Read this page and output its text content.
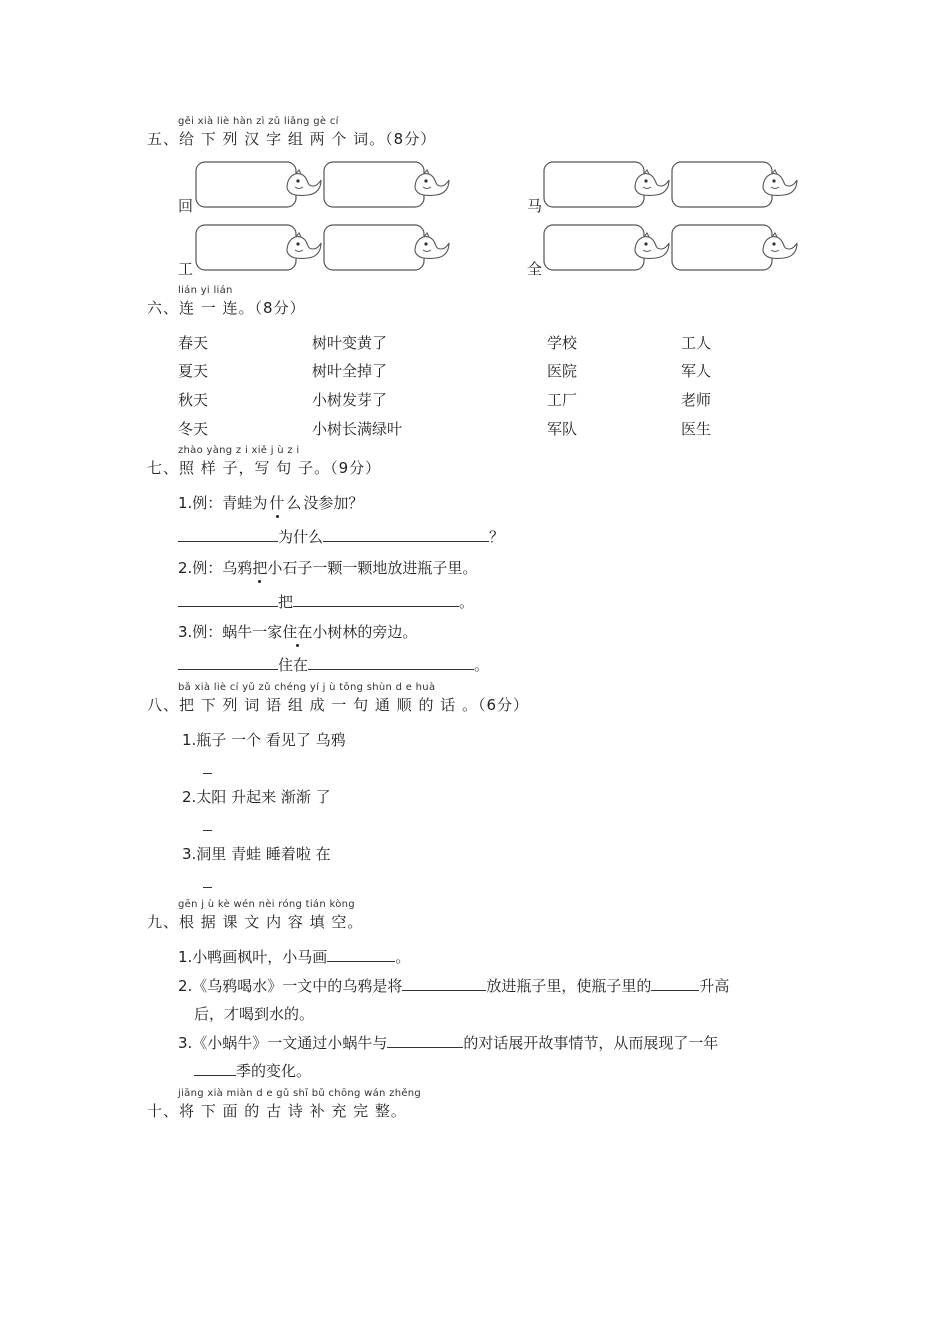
gěi xià liè hàn zì zǔ liǎng gè cí
五、给 下 列 汉 字 组 两 个 词。（8分）
回	马
工	全
lián yi lián
六、连 一 连。（8分）
春天
夏天
秋天
冬天
树叶变黄了
树叶全掉了
小树发芽了
小树长满绿叶
学校
医院
工厂
军队
工人
军人
老师
医生
zhào yàng z i xiě j ù z i
七、照 样 子，写 句 子。（9分）
1.例：青蛙为什么没参加？
为什么	？
2.例：乌鸦把小石子一颗一颗地放进瓶子里。
把	。
3.例：蜗牛一家住在小树林的旁边。
住在	。
bǎ xià liè cí yǔ zǔ chéng yí j ù tōng shùn d e huà
八、把 下 列 词 语 组 成 一 句 通 顺 的 话 。（6分）
1.瓶子 一个 看见了 乌鸦
2.太阳 升起来 渐渐 了
3.洞里 青蛙 睡着啦 在
gēn j ù kè wén nèi róng tián kòng
九、根 据 课 文 内 容 填 空。
1.小鸭画枫叶，小马画	。
2.《乌鸦喝水》一文中的乌鸦是将	放进瓶子里，使瓶子里的	升高
后，才喝到水的。
3.《小蜗牛》一文通过小蜗牛与	的对话展开故事情节，从而展现了一年
季的变化。
jiāng xià miàn d e gǔ shī bǔ chōng wán zhěng
十、将 下 面 的 古 诗 补 充 完 整。
